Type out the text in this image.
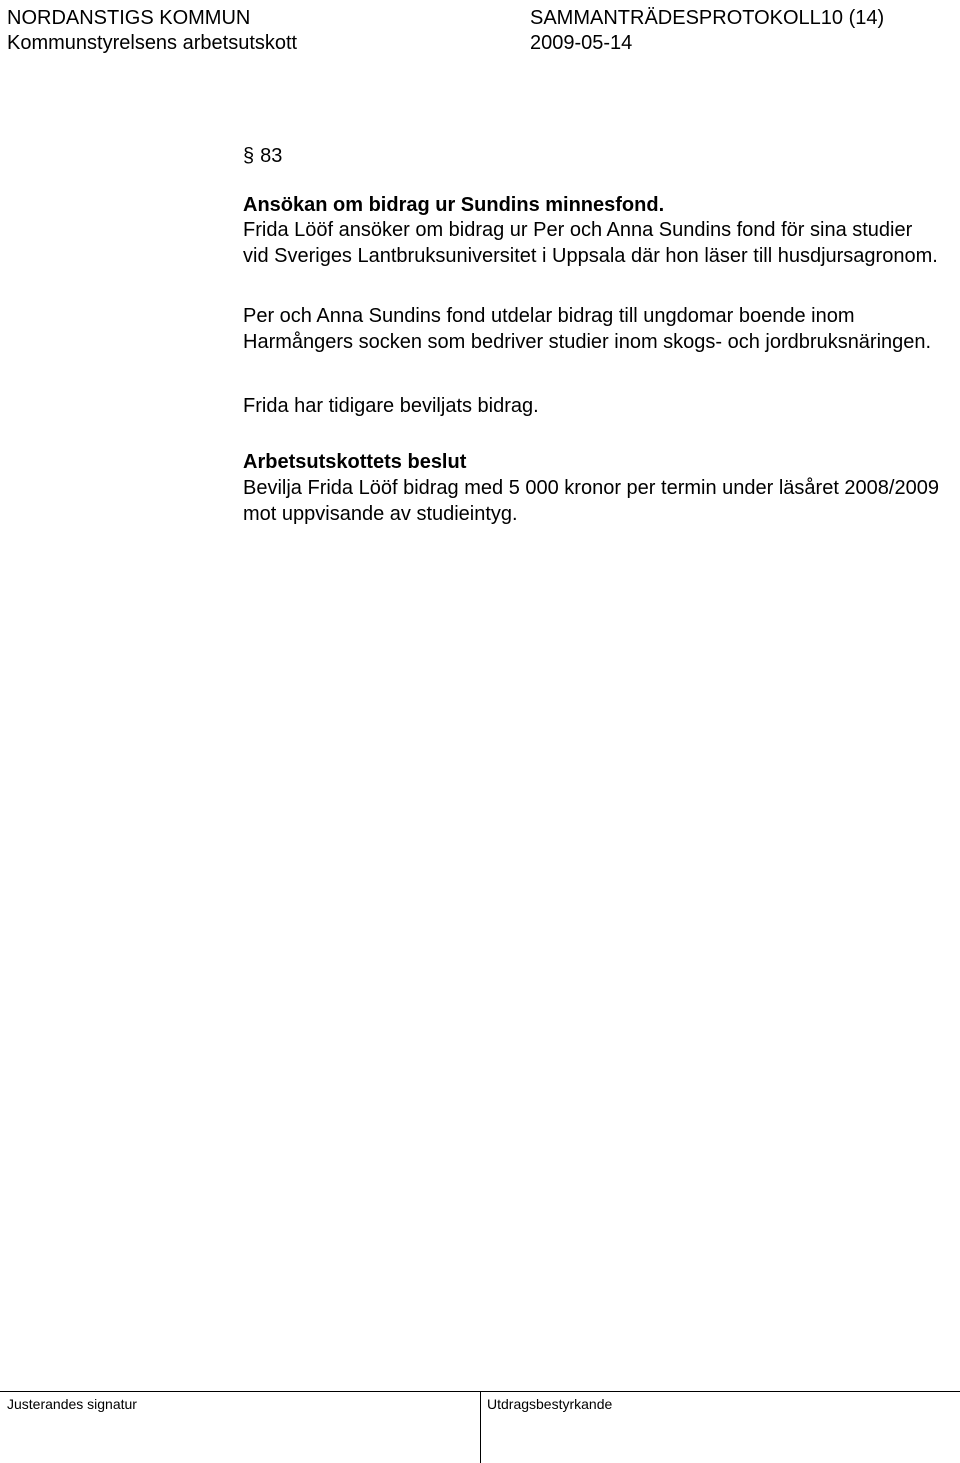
NORDANSTIGS KOMMUN	SAMMANTRÄDESPROTOKOLL10 (14)
Kommunstyrelsens arbetsutskott	2009-05-14
§ 83
Ansökan om bidrag ur Sundins minnesfond.

Frida Lööf ansöker om bidrag ur Per och Anna Sundins fond för sina studier vid Sveriges Lantbruksuniversitet i Uppsala där hon läser till husdjursagronom.

Per och Anna Sundins fond utdelar bidrag till ungdomar boende inom Harmångers socken som bedriver studier inom skogs- och jordbruksnäringen.

Frida har tidigare beviljats bidrag.

Arbetsutskottets beslut

Bevilja Frida Lööf bidrag med 5 000 kronor per termin under läsåret 2008/2009 mot uppvisande av studieintyg.

Justerandes signatur	Utdragsbestyrkande
